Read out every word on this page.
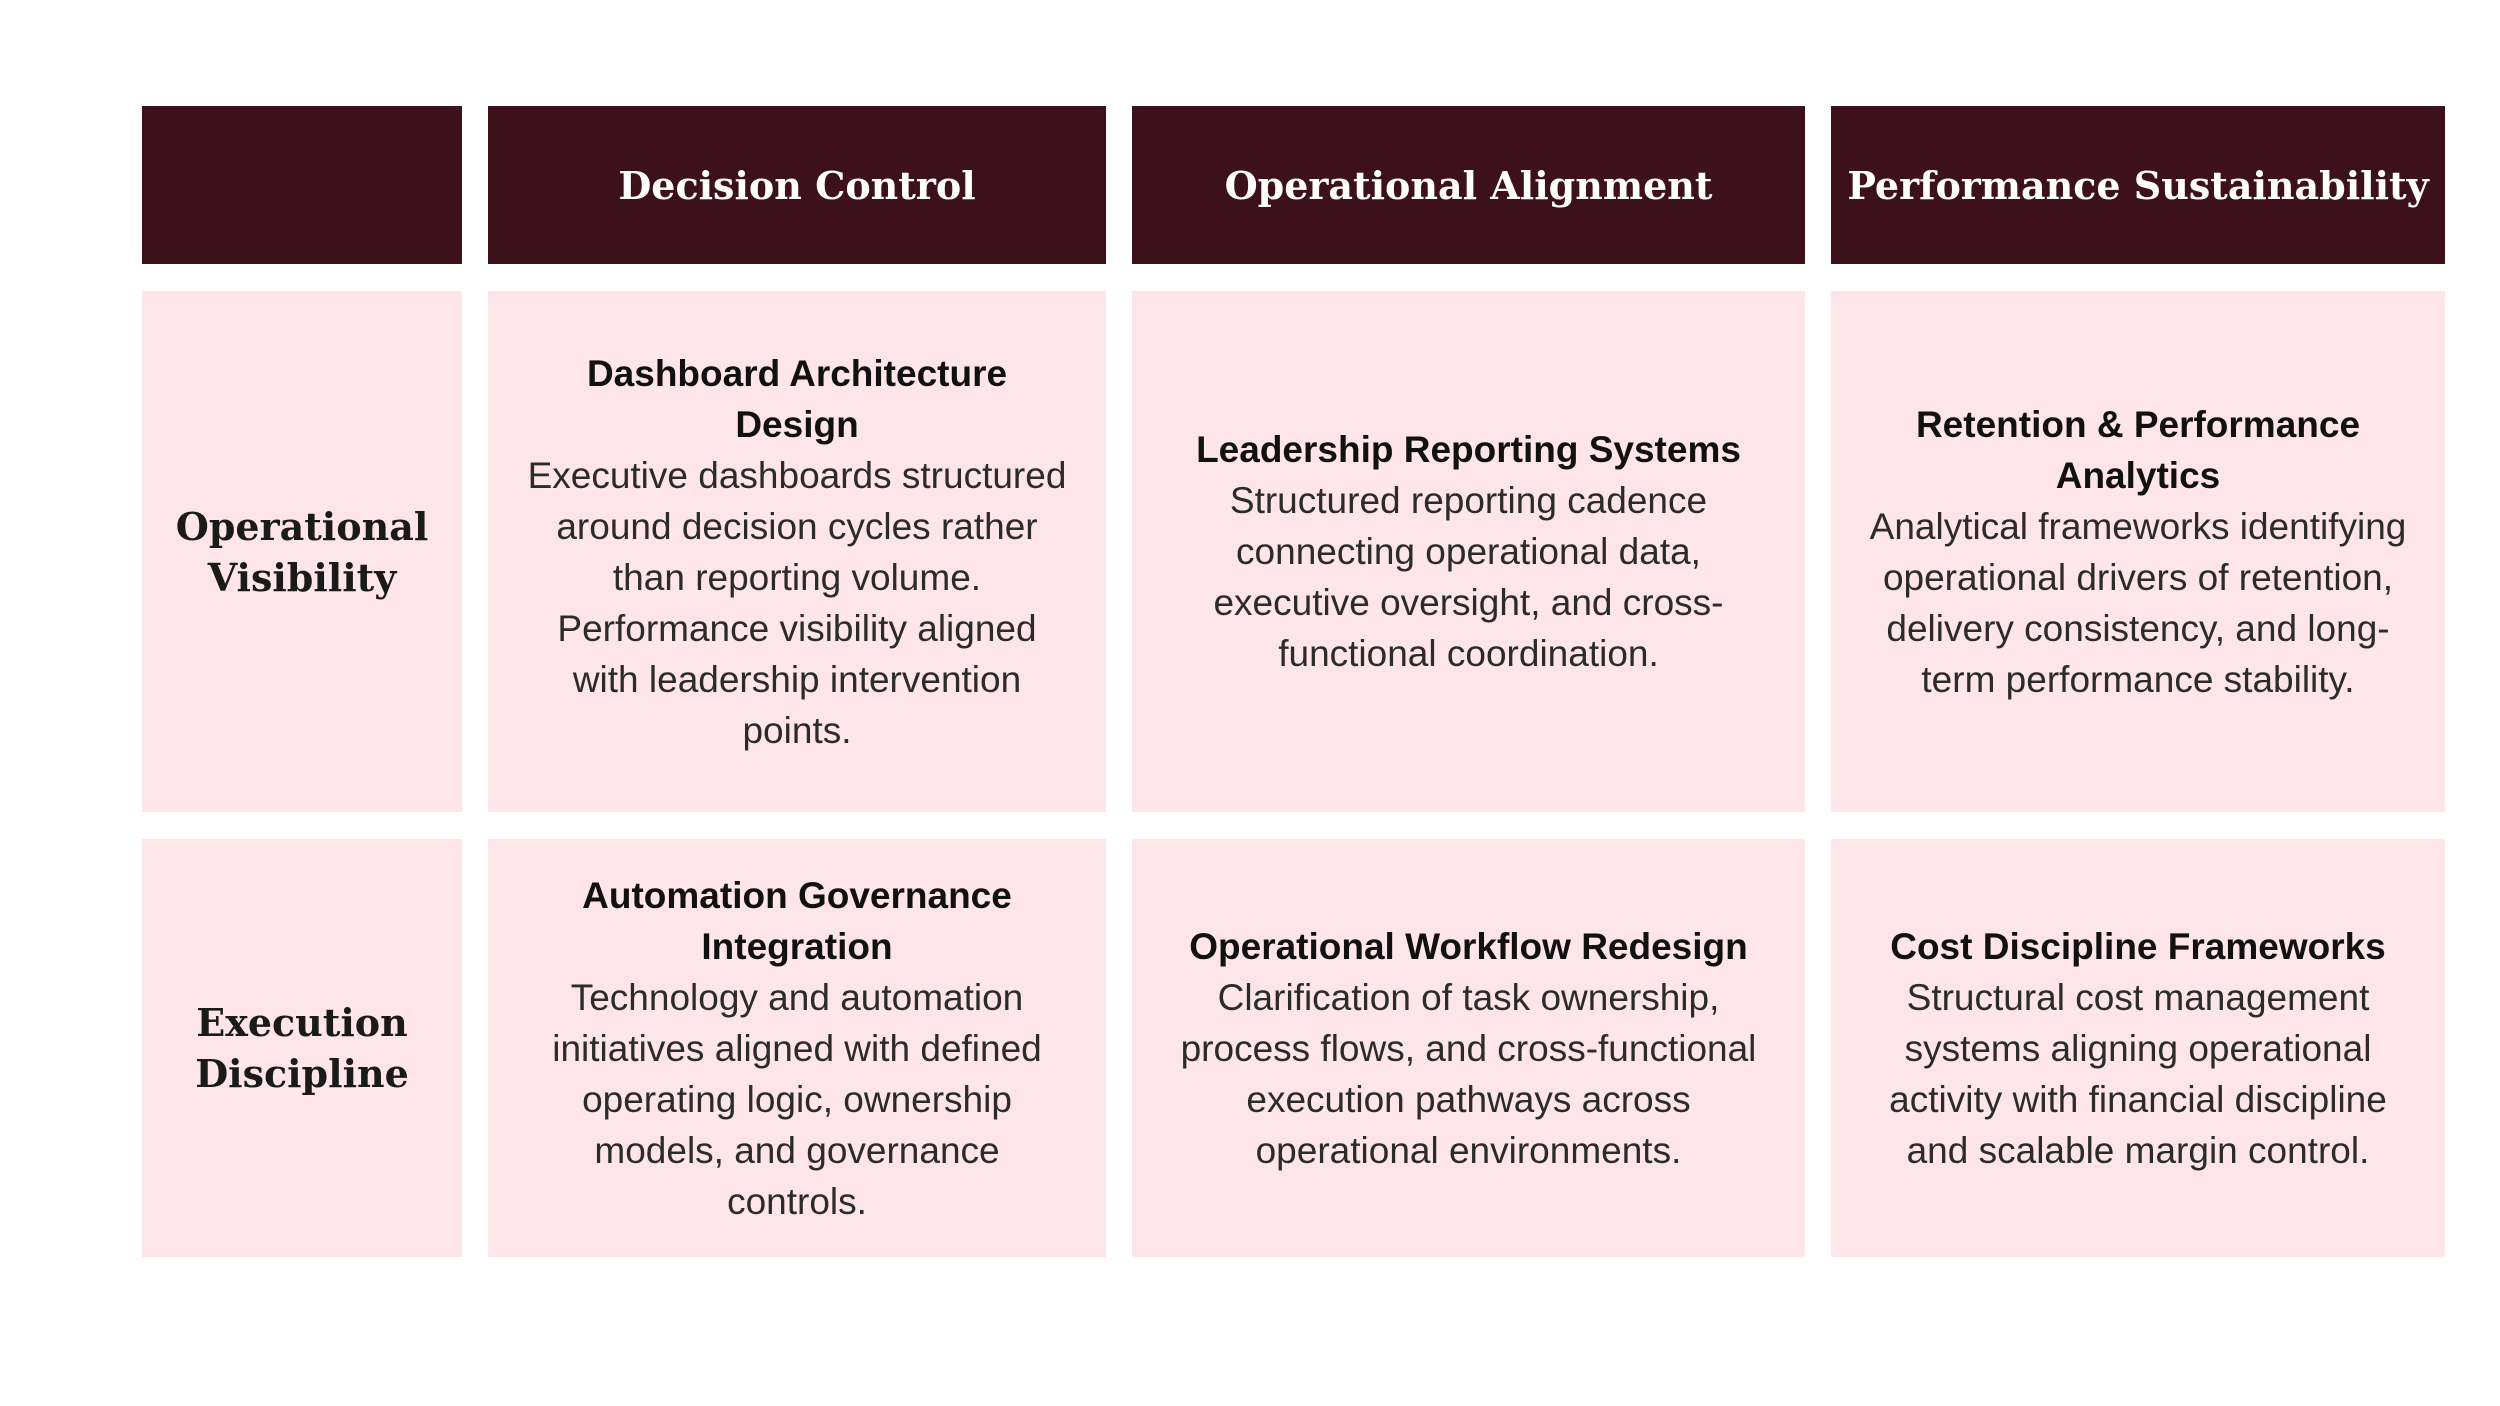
Decision Control	Operational Alignment	Performance Sustainability
Operational Visibility
Dashboard Architecture Design
Executive dashboards structured around decision cycles rather than reporting volume. Performance visibility aligned with leadership intervention points.
Leadership Reporting Systems
Structured reporting cadence connecting operational data, executive oversight, and cross-functional coordination.
Retention & Performance Analytics
Analytical frameworks identifying operational drivers of retention, delivery consistency, and long-term performance stability.
Execution Discipline
Automation Governance Integration
Technology and automation initiatives aligned with defined operating logic, ownership models, and governance controls.
Operational Workflow Redesign
Clarification of task ownership, process flows, and cross-functional execution pathways across operational environments.
Cost Discipline Frameworks
Structural cost management systems aligning operational activity with financial discipline and scalable margin control.
